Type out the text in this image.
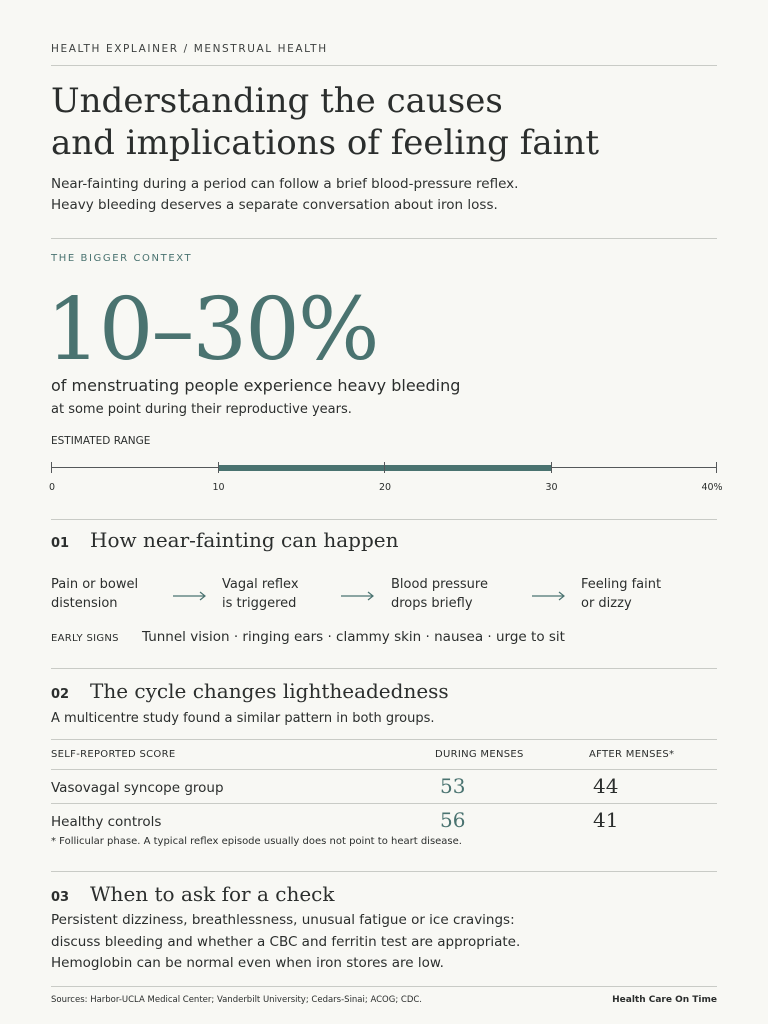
HEALTH EXPLAINER / MENSTRUAL HEALTH
Understanding the causes
and implications of feeling faint
Near-fainting during a period can follow a brief blood-pressure reflex.
Heavy bleeding deserves a separate conversation about iron loss.
THE BIGGER CONTEXT
10–30%
of menstruating people experience heavy bleeding
at some point during their reproductive years.
ESTIMATED RANGE
0	10	20	30	40%
01	How near-fainting can happen
Pain or bowel
distension
Vagal reflex
is triggered
Blood pressure
drops briefly
Feeling faint
or dizzy
EARLY SIGNS	Tunnel vision · ringing ears · clammy skin · nausea · urge to sit
02	The cycle changes lightheadedness
A multicentre study found a similar pattern in both groups.
SELF-REPORTED SCORE	DURING MENSES	AFTER MENSES*
Vasovagal syncope group	53	44
Healthy controls	56	41
* Follicular phase. A typical reflex episode usually does not point to heart disease.
03	When to ask for a check
Persistent dizziness, breathlessness, unusual fatigue or ice cravings:
discuss bleeding and whether a CBC and ferritin test are appropriate.
Hemoglobin can be normal even when iron stores are low.
Sources: Harbor-UCLA Medical Center; Vanderbilt University; Cedars-Sinai; ACOG; CDC.	Health Care On Time
